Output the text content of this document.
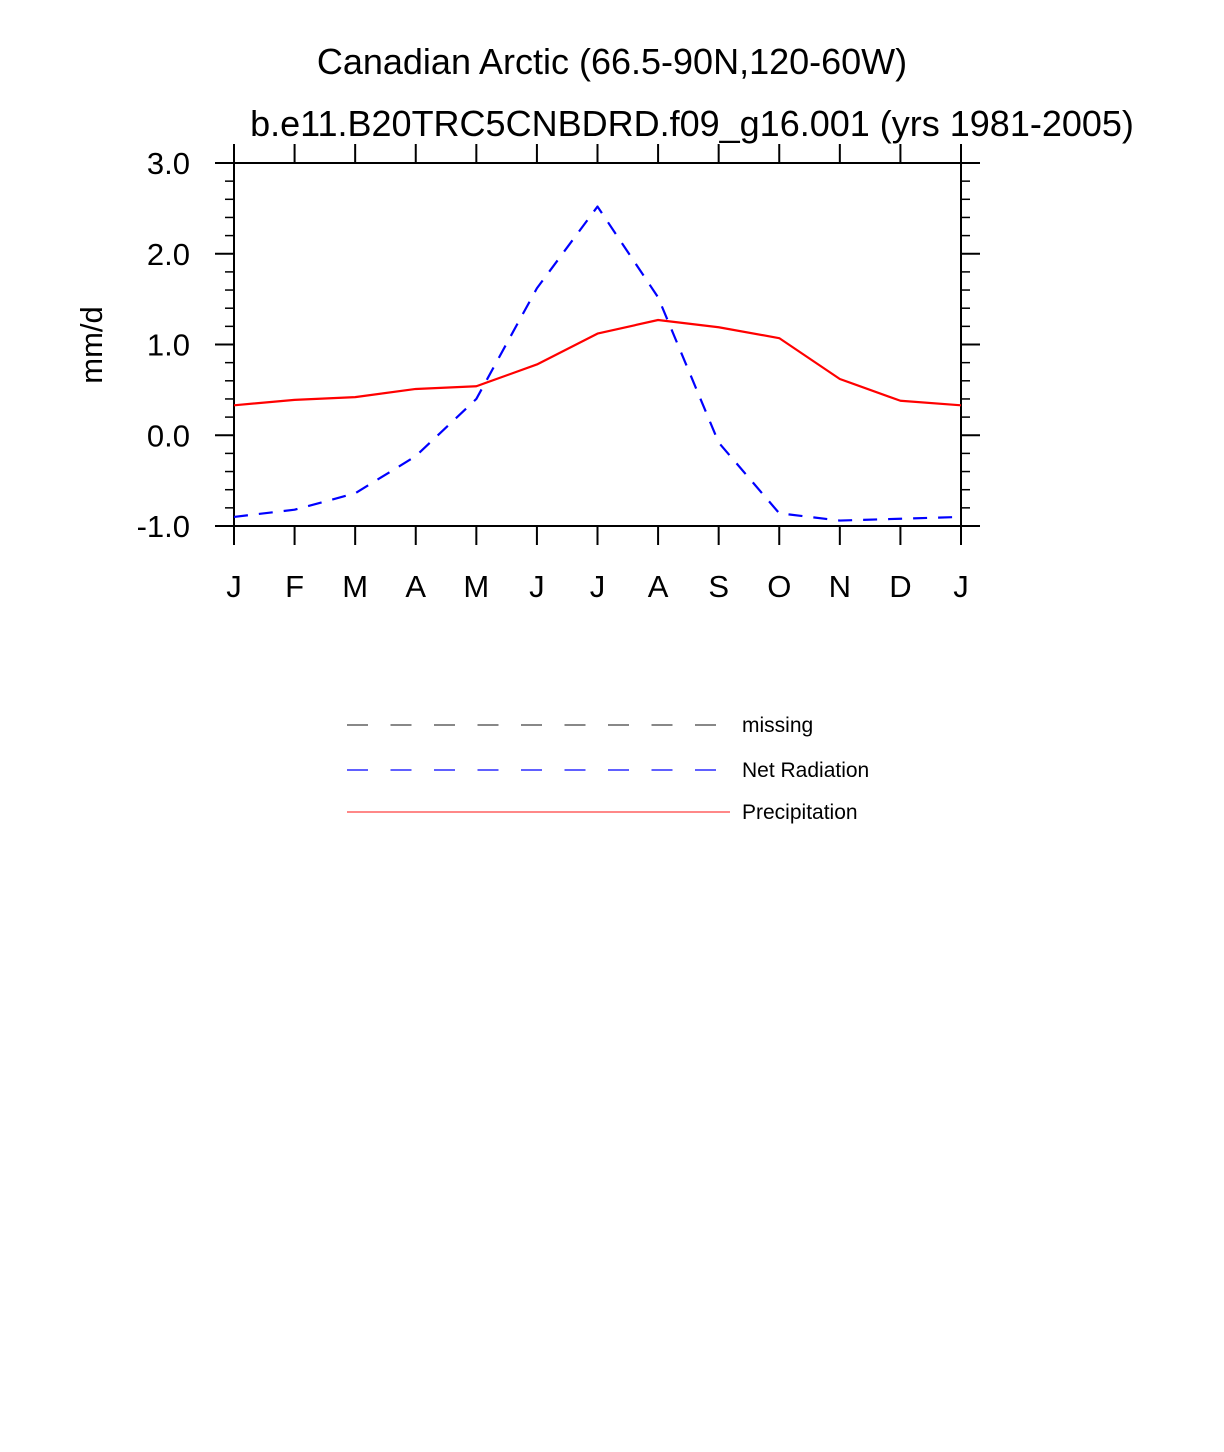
Canadian Arctic (66.5-90N,120-60W)
b.e11.B20TRC5CNBDRD.f09_g16.001 (yrs 1981-2005)
mm/d
-1.0
0.0
1.0
2.0
3.0
J F M A M J J A S O N D J
missing
Net Radiation
Precipitation
